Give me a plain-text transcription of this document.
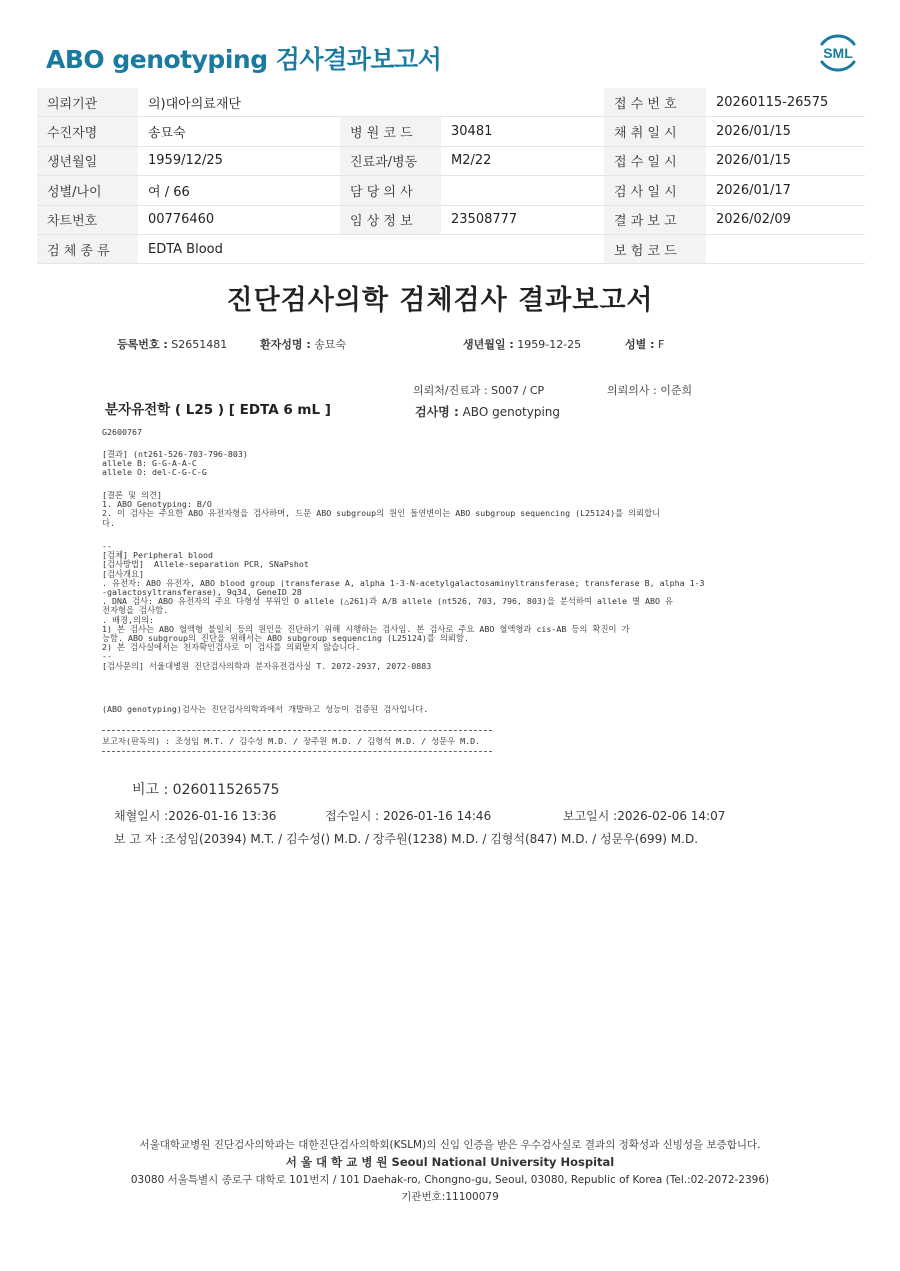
ABO genotyping 검사결과보고서	SML
의뢰기관	의)대아의료재단			접 수 번 호	20260115-26575
수진자명	송묘숙	병 원 코 드	30481	채 취 일 시	2026/01/15
생년월일	1959/12/25	진료과/병동	M2/22	접 수 일 시	2026/01/15
성별/나이	여 / 66	담 당 의 사		검 사 일 시	2026/01/17
차트번호	00776460	임 상 정 보	23508777	결 과 보 고	2026/02/09
검 체 종 류	EDTA Blood			보 험 코 드	
진단검사의학 검체검사 결과보고서
등록번호 : S2651481	환자성명 : 송묘숙	생년월일 : 1959-12-25	성별 : F
의뢰처/진료과 : S007 / CP	의뢰의사 : 이준희
분자유전학 ( L25 ) [ EDTA 6 mL ]	검사명 : ABO genotyping
G2600767
[결과] (nt261-526-703-796-803)
allele B: G-G-A-A-C
allele O: del-C-G-C-G
[결론 및 의견]
1. ABO Genotyping: B/O
2. 이 검사는 주요한 ABO 유전자형을 검사하며, 드문 ABO subgroup의 원인 돌연변이는 ABO subgroup sequencing (L25124)를 의뢰합니
다.
--
[검체] Peripheral blood
[검사방법]  Allele-separation PCR, SNaPshot
[검사개요]
. 유전자: ABO 유전자, ABO blood group (transferase A, alpha 1-3-N-acetylgalactosaminyltransferase; transferase B, alpha 1-3
-galactosyltransferase), 9q34, GeneID 28
. DNA 검사: ABO 유전자의 주요 다형성 부위인 O allele (△261)과 A/B allele (nt526, 703, 796, 803)을 분석하여 allele 별 ABO 유
전자형을 검사함.
. 배경,의의:
1) 본 검사는 ABO 혈액형 불일치 등의 원인을 진단하기 위해 시행하는 검사임. 본 검사로 주요 ABO 혈액형과 cis-AB 등의 확진이 가
능함. ABO subgroup의 진단을 위해서는 ABO subgroup sequencing (L25124)를 의뢰함.
2) 본 검사실에서는 친자확인검사로 이 검사를 의뢰받지 않습니다.
--
[검사문의] 서울대병원 진단검사의학과 분자유전검사실 T. 2072-2937, 2072-0883
(ABO genotyping)검사는 진단검사의학과에서 개발하고 성능이 검증된 검사입니다.
보고자(판독의) : 조성임 M.T. / 김수성 M.D. / 장주원 M.D. / 김형석 M.D. / 성문우 M.D.
비고 : 026011526575
채혈일시 :2026-01-16 13:36	접수일시 : 2026-01-16 14:46	보고일시 :2026-02-06 14:07
보 고 자 :조성임(20394) M.T. / 김수성() M.D. / 장주원(1238) M.D. / 김형석(847) M.D. / 성문우(699) M.D.
서울대학교병원 진단검사의학과는 대한진단검사의학회(KSLM)의 신임 인증을 받은 우수검사실로 결과의 정확성과 신빙성을 보증합니다.
서 울 대 학 교 병 원 Seoul National University Hospital
03080 서울특별시 종로구 대학로 101번지 / 101 Daehak-ro, Chongno-gu, Seoul, 03080, Republic of Korea (Tel.:02-2072-2396)
기관번호:11100079
